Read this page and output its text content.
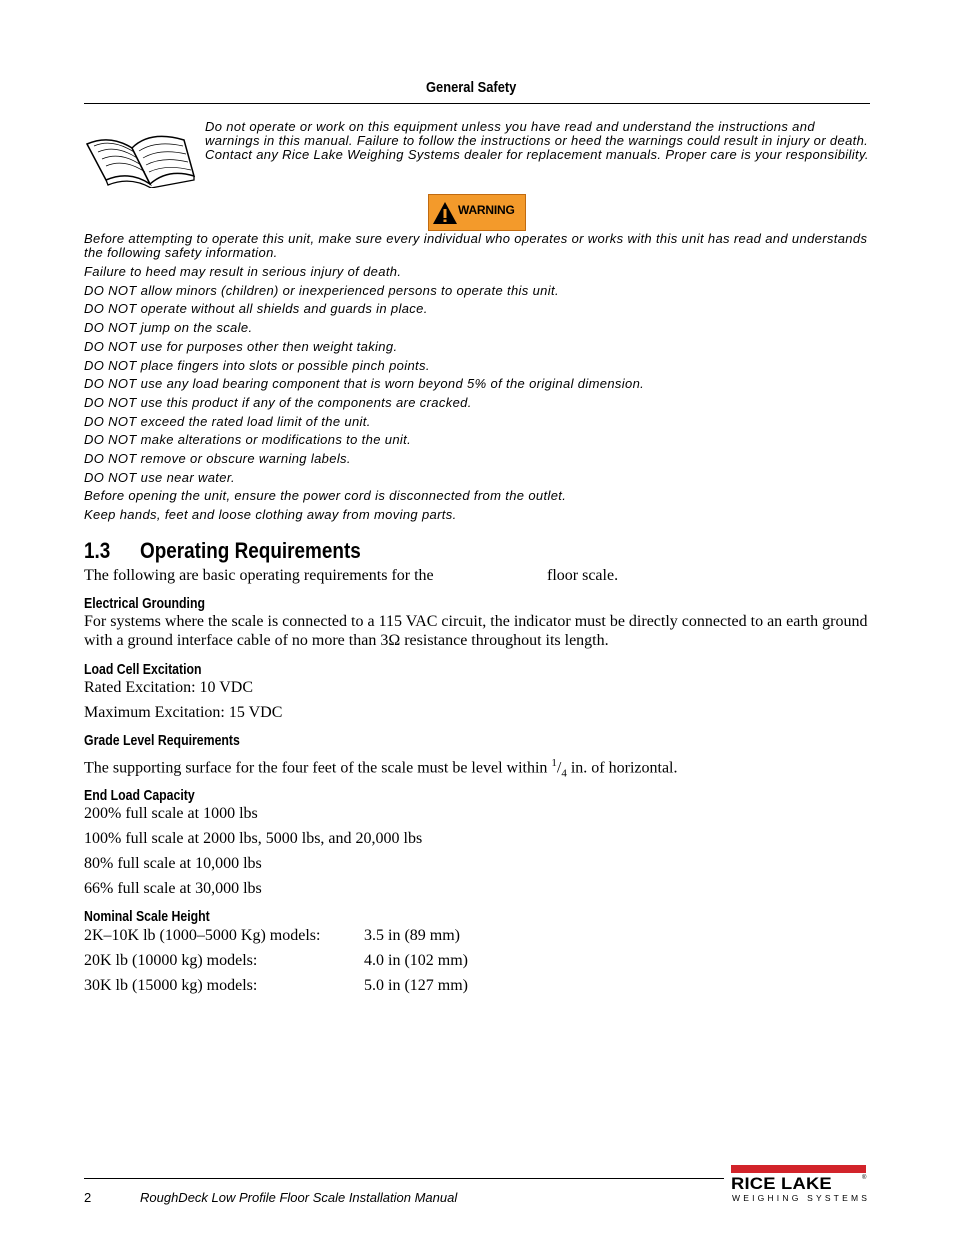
General Safety
Do not operate or work on this equipment unless you have read and understand the instructions and warnings in this manual. Failure to follow the instructions or heed the warnings could result in injury or death. Contact any Rice Lake Weighing Systems dealer for replacement manuals. Proper care is your responsibility.
WARNING
Before attempting to operate this unit, make sure every individual who operates or works with this unit has read and understands the following safety information.
Failure to heed may result in serious injury of death.
DO NOT allow minors (children) or inexperienced persons to operate this unit.
DO NOT operate without all shields and guards in place.
DO NOT jump on the scale.
DO NOT use for purposes other then weight taking.
DO NOT place fingers into slots or possible pinch points.
DO NOT use any load bearing component that is worn beyond 5% of the original dimension.
DO NOT use this product if any of the components are cracked.
DO NOT exceed the rated load limit of the unit.
DO NOT make alterations or modifications to the unit.
DO NOT remove or obscure warning labels.
DO NOT use near water.
Before opening the unit, ensure the power cord is disconnected from the outlet.
Keep hands, feet and loose clothing away from moving parts.
1.3 Operating Requirements
The following are basic operating requirements for the	floor scale.
Electrical Grounding
For systems where the scale is connected to a 115 VAC circuit, the indicator must be directly connected to an earth ground with a ground interface cable of no more than 3Ω resistance throughout its length.
Load Cell Excitation
Rated Excitation: 10 VDC
Maximum Excitation: 15 VDC
Grade Level Requirements
The supporting surface for the four feet of the scale must be level within $^1/_4$ in. of horizontal.
End Load Capacity
200% full scale at 1000 lbs
100% full scale at 2000 lbs, 5000 lbs, and 20,000 lbs
80% full scale at 10,000 lbs
66% full scale at 30,000 lbs
Nominal Scale Height
2K–10K lb (1000–5000 Kg) models:	3.5 in (89 mm)
20K lb (10000 kg) models:	4.0 in (102 mm)
30K lb (15000 kg) models:	5.0 in (127 mm)
2	RoughDeck Low Profile Floor Scale Installation Manual
RICE LAKE	®
WEIGHING SYSTEMS
